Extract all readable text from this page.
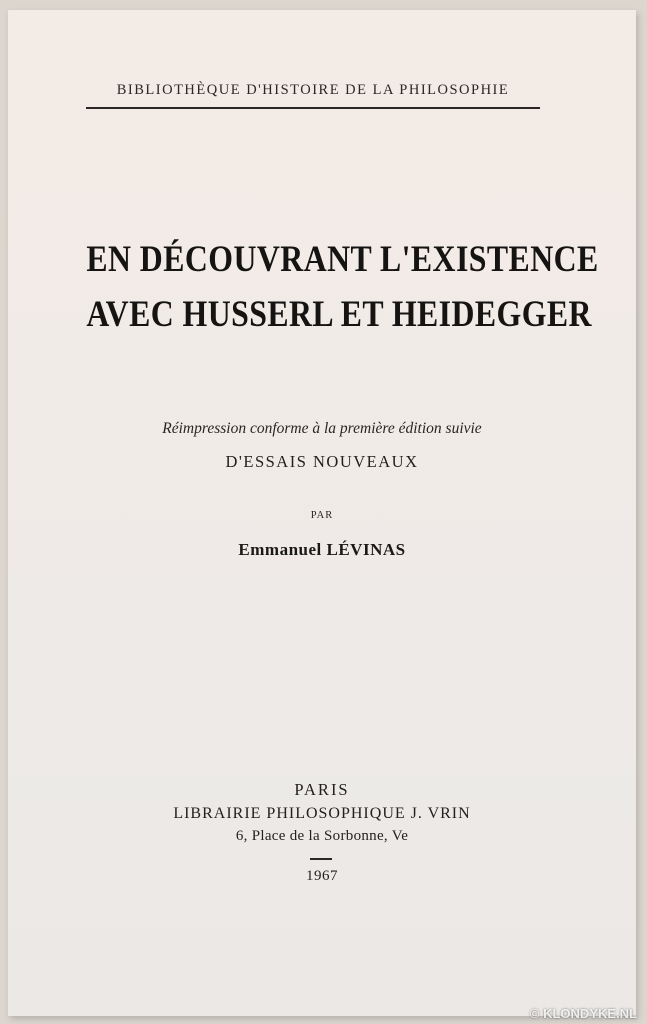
BIBLIOTHÈQUE D'HISTOIRE DE LA PHILOSOPHIE
EN DÉCOUVRANT L'EXISTENCE
AVEC HUSSERL ET HEIDEGGER
Réimpression conforme à la première édition suivie
D'ESSAIS NOUVEAUX
PAR
Emmanuel LÉVINAS
PARIS
LIBRAIRIE PHILOSOPHIQUE J. VRIN
6, Place de la Sorbonne, Ve
1967
© KLONDYKE.NL
